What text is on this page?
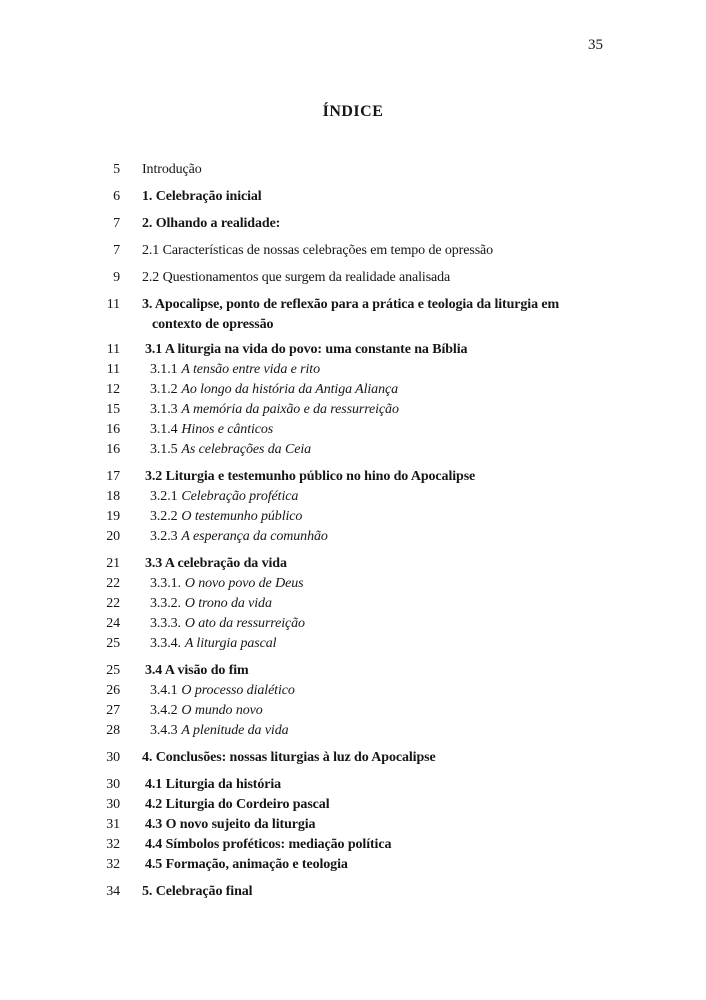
35
ÍNDICE
5 Introdução
6 1. Celebração inicial
7 2. Olhando a realidade:
7 2.1 Características de nossas celebrações em tempo de opressão
9 2.2 Questionamentos que surgem da realidade analisada
11 3. Apocalipse, ponto de reflexão para a prática e teologia da liturgia em
contexto de opressão
11 3.1 A liturgia na vida do povo: uma constante na Bíblia
11	3.1.1 A tensão entre vida e rito
12	3.1.2 Ao longo da história da Antiga Aliança
15	3.1.3 A memória da paixão e da ressurreição
16	3.1.4 Hinos e cânticos
16	3.1.5 As celebrações da Ceia
17 3.2 Liturgia e testemunho público no hino do Apocalipse
18	3.2.1 Celebração profética
19	3.2.2 O testemunho público
20	3.2.3 A esperança da comunhão
21 3.3 A celebração da vida
22	3.3.1. O novo povo de Deus
22	3.3.2. O trono da vida
24	3.3.3. O ato da ressurreição
25	3.3.4. A liturgia pascal
25 3.4 A visão do fim
26	3.4.1 O processo dialético
27	3.4.2 O mundo novo
28	3.4.3 A plenitude da vida
30 4. Conclusões: nossas liturgias à luz do Apocalipse
30 4.1 Liturgia da história
30 4.2 Liturgia do Cordeiro pascal
31 4.3 O novo sujeito da liturgia
32 4.4 Símbolos proféticos: mediação política
32 4.5 Formação, animação e teologia
34 5. Celebração final
